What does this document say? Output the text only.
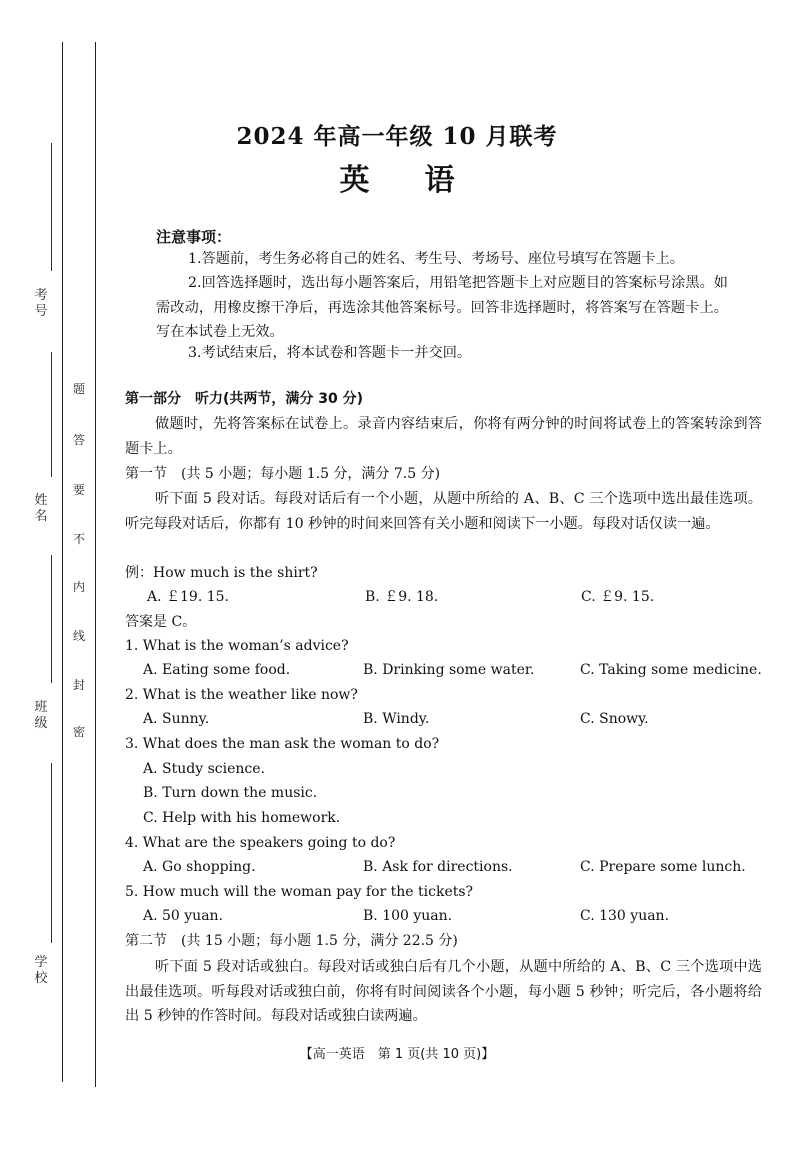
考号
姓名
班级
学校
题
答
要
不
内
线
封
密
2024 年高一年级 10 月联考
英语
注意事项：
1.答题前，考生务必将自己的姓名、考生号、考场号、座位号填写在答题卡上。
2.回答选择题时，选出每小题答案后，用铅笔把答题卡上对应题目的答案标号涂黑。如需改动，用橡皮擦干净后，再选涂其他答案标号。回答非选择题时，将答案写在答题卡上。写在本试卷上无效。
3.考试结束后，将本试卷和答题卡一并交回。
第一部分　听力(共两节，满分 30 分)
做题时，先将答案标在试卷上。录音内容结束后，你将有两分钟的时间将试卷上的答案转涂到答题卡上。
第一节　(共 5 小题；每小题 1.5 分，满分 7.5 分)
听下面 5 段对话。每段对话后有一个小题，从题中所给的 A、B、C 三个选项中选出最佳选项。听完每段对话后，你都有 10 秒钟的时间来回答有关小题和阅读下一小题。每段对话仅读一遍。
例：How much is the shirt?
A. ￡19. 15.	B. ￡9. 18.	C. ￡9. 15.
答案是 C。
1. What is the woman’s advice?
A. Eating some food.	B. Drinking some water.	C. Taking some medicine.
2. What is the weather like now?
A. Sunny.	B. Windy.	C. Snowy.
3. What does the man ask the woman to do?
A. Study science.
B. Turn down the music.
C. Help with his homework.
4. What are the speakers going to do?
A. Go shopping.	B. Ask for directions.	C. Prepare some lunch.
5. How much will the woman pay for the tickets?
A. 50 yuan.	B. 100 yuan.	C. 130 yuan.
第二节　(共 15 小题；每小题 1.5 分，满分 22.5 分)
听下面 5 段对话或独白。每段对话或独白后有几个小题，从题中所给的 A、B、C 三个选项中选出最佳选项。听每段对话或独白前，你将有时间阅读各个小题，每小题 5 秒钟；听完后，各小题将给出 5 秒钟的作答时间。每段对话或独白读两遍。
【高一英语　第 1 页(共 10 页)】
